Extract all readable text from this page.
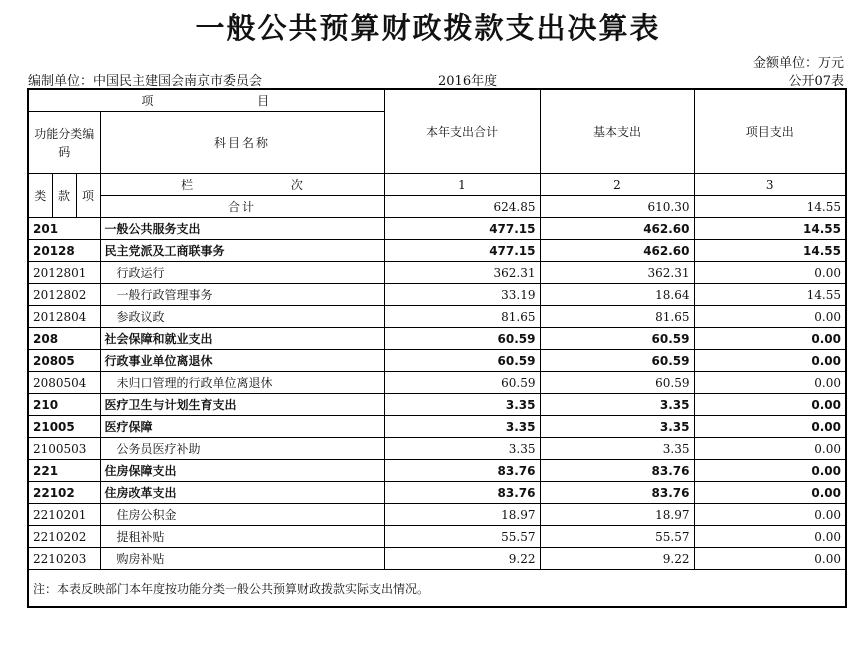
一般公共预算财政拨款支出决算表
金额单位：万元
编制单位：中国民主建国会南京市委员会	2016年度	公开07表
项 目				本年支出合计	基本支出	项目支出
功能分类编码			科目名称			
类	款	项	栏 次	1	2	3
			合计	624.85	610.30	14.55
201			一般公共服务支出	477.15	462.60	14.55
20128			民主党派及工商联事务	477.15	462.60	14.55
2012801			行政运行	362.31	362.31	0.00
2012802			一般行政管理事务	33.19	18.64	14.55
2012804			参政议政	81.65	81.65	0.00
208			社会保障和就业支出	60.59	60.59	0.00
20805			行政事业单位离退休	60.59	60.59	0.00
2080504			未归口管理的行政单位离退休	60.59	60.59	0.00
210			医疗卫生与计划生育支出	3.35	3.35	0.00
21005			医疗保障	3.35	3.35	0.00
2100503			公务员医疗补助	3.35	3.35	0.00
221			住房保障支出	83.76	83.76	0.00
22102			住房改革支出	83.76	83.76	0.00
2210201			住房公积金	18.97	18.97	0.00
2210202			提租补贴	55.57	55.57	0.00
2210203			购房补贴	9.22	9.22	0.00
注：本表反映部门本年度按功能分类一般公共预算财政拨款实际支出情况。						
